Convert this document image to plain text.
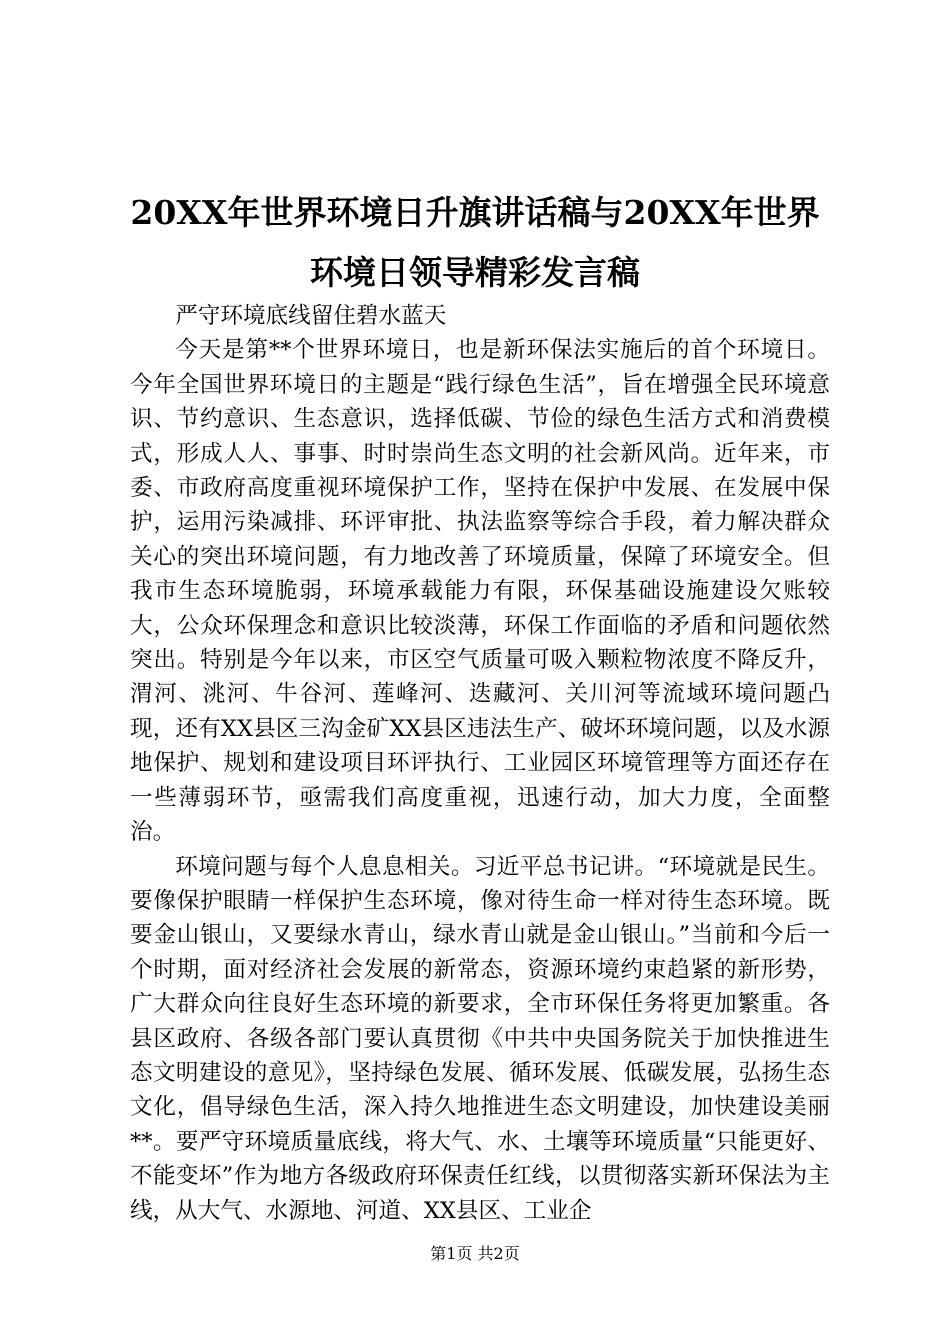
20XX年世界环境日升旗讲话稿与20XX年世界
环境日领导精彩发言稿

严守环境底线留住碧水蓝天

今天是第**个世界环境日，也是新环保法实施后的首个环境日。今年全国世界环境日的主题是“践行绿色生活”，旨在增强全民环境意识、节约意识、生态意识，选择低碳、节俭的绿色生活方式和消费模式，形成人人、事事、时时崇尚生态文明的社会新风尚。近年来，市委、市政府高度重视环境保护工作，坚持在保护中发展、在发展中保护，运用污染减排、环评审批、执法监察等综合手段，着力解决群众关心的突出环境问题，有力地改善了环境质量，保障了环境安全。但我市生态环境脆弱，环境承载能力有限，环保基础设施建设欠账较大，公众环保理念和意识比较淡薄，环保工作面临的矛盾和问题依然突出。特别是今年以来，市区空气质量可吸入颗粒物浓度不降反升，渭河、洮河、牛谷河、莲峰河、迭藏河、关川河等流域环境问题凸现，还有XX县区三沟金矿XX县区违法生产、破坏环境问题，以及水源地保护、规划和建设项目环评执行、工业园区环境管理等方面还存在一些薄弱环节，亟需我们高度重视，迅速行动，加大力度，全面整治。

环境问题与每个人息息相关。习近平总书记讲。“环境就是民生。要像保护眼睛一样保护生态环境，像对待生命一样对待生态环境。既要金山银山，又要绿水青山，绿水青山就是金山银山。”当前和今后一个时期，面对经济社会发展的新常态，资源环境约束趋紧的新形势，广大群众向往良好生态环境的新要求，全市环保任务将更加繁重。各县区政府、各级各部门要认真贯彻《中共中央国务院关于加快推进生态文明建设的意见》，坚持绿色发展、循环发展、低碳发展，弘扬生态文化，倡导绿色生活，深入持久地推进生态文明建设，加快建设美丽**。要严守环境质量底线，将大气、水、土壤等环境质量“只能更好、不能变坏”作为地方各级政府环保责任红线，以贯彻落实新环保法为主线，从大气、水源地、河道、XX县区、工业企

第1页 共2页
